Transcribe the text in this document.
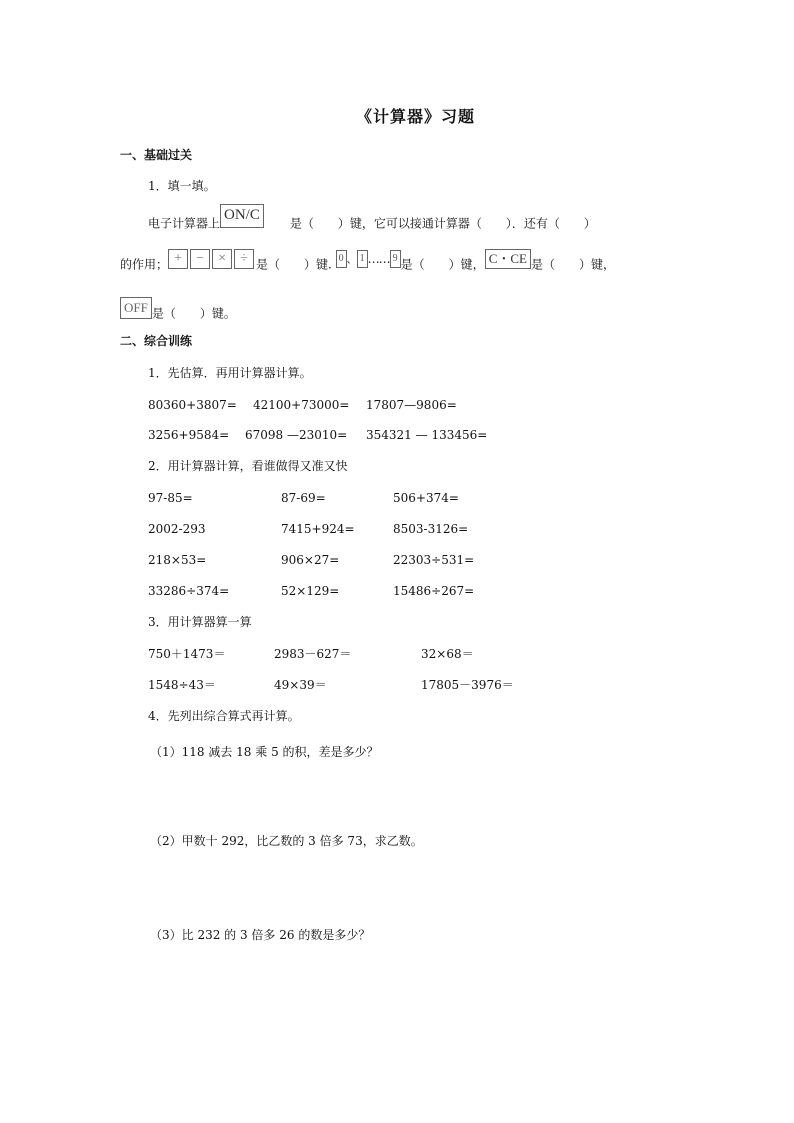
《计算器》习题
一、基础过关
1．填一填。
电子计算器上ON/C是（　　）键，它可以接通计算器（　　）．还有（　　）
的作用； + − × ÷ 是（　　）键. 0 、 1 …… 9 是（　　）键， C・CE 是（　　）键，
OFF 是（　　）键。
二、综合训练
1．先估算．再用计算器计算。
80360+3807= 42100+73000= 17807—9806=
3256+9584= 67098 —23010= 354321 — 133456=
2．用计算器计算，看谁做得又准又快
97-85=	87-69=	506+374=
2002-293	7415+924=	8503-3126=
218×53=	906×27=	22303÷531=
33286÷374=	52×129=	15486÷267=
3．用计算器算一算
750＋1473＝	2983－627＝	32×68＝
1548÷43＝	49×39＝	17805－3976＝
4．先列出综合算式再计算。
（1）118 减去 18 乘 5 的积，差是多少？
（2）甲数十 292，比乙数的 3 倍多 73，求乙数。
（3）比 232 的 3 倍多 26 的数是多少？
